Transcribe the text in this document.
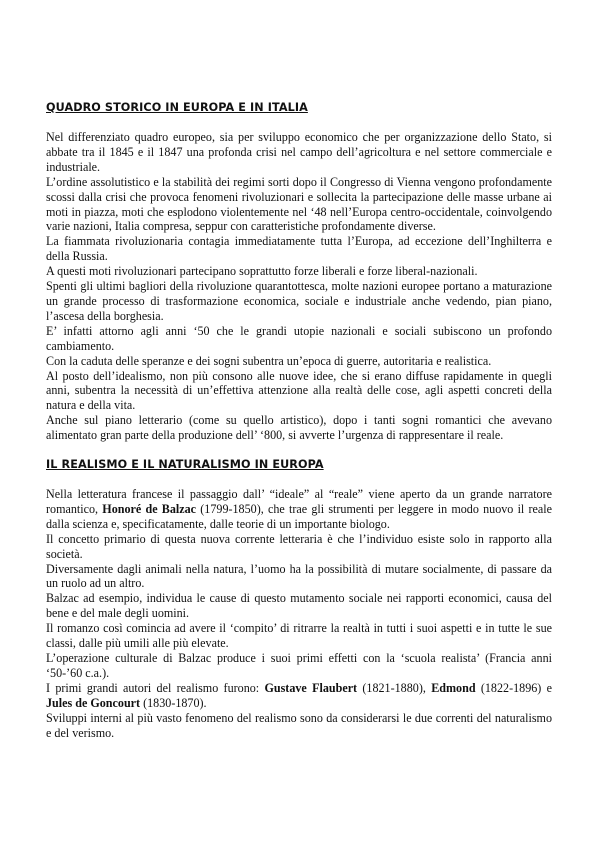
QUADRO STORICO IN EUROPA E IN ITALIA

Nel differenziato quadro europeo, sia per sviluppo economico che per organizzazione dello Stato, si abbate tra il 1845 e il 1847 una profonda crisi nel campo dell’agricoltura e nel settore commerciale e industriale.

L’ordine assolutistico e la stabilità dei regimi sorti dopo il Congresso di Vienna vengono profondamente scossi dalla crisi che provoca fenomeni rivoluzionari e sollecita la partecipazione delle masse urbane ai moti in piazza, moti che esplodono violentemente nel ‘48 nell’Europa centro-occidentale, coinvolgendo varie nazioni, Italia compresa, seppur con caratteristiche profondamente diverse.

La fiammata rivoluzionaria contagia immediatamente tutta l’Europa, ad eccezione dell’Inghilterra e della Russia.

A questi moti rivoluzionari partecipano soprattutto forze liberali e forze liberal-nazionali.

Spenti gli ultimi bagliori della rivoluzione quarantottesca, molte nazioni europee portano a maturazione un grande processo di trasformazione economica, sociale e industriale anche vedendo, pian piano, l’ascesa della borghesia.

E’ infatti attorno agli anni ‘50 che le grandi utopie nazionali e sociali subiscono un profondo cambiamento.

Con la caduta delle speranze e dei sogni subentra un’epoca di guerre, autoritaria e realistica.

Al posto dell’idealismo, non più consono alle nuove idee, che si erano diffuse rapidamente in quegli anni, subentra la necessità di un’effettiva attenzione alla realtà delle cose, agli aspetti concreti della natura e della vita.

Anche sul piano letterario (come su quello artistico), dopo i tanti sogni romantici che avevano alimentato gran parte della produzione dell’ ‘800, si avverte l’urgenza di rappresentare il reale.

IL REALISMO E IL NATURALISMO IN EUROPA

Nella letteratura francese il passaggio dall’ “ideale” al “reale” viene aperto da un grande narratore romantico, Honoré de Balzac (1799-1850), che trae gli strumenti per leggere in modo nuovo il reale dalla scienza e, specificatamente, dalle teorie di un importante biologo.

Il concetto primario di questa nuova corrente letteraria è che l’individuo esiste solo in rapporto alla società.

Diversamente dagli animali nella natura, l’uomo ha la possibilità di mutare socialmente, di passare da un ruolo ad un altro.

Balzac ad esempio, individua le cause di questo mutamento sociale nei rapporti economici, causa del bene e del male degli uomini.

Il romanzo così comincia ad avere il ‘compito’ di ritrarre la realtà in tutti i suoi aspetti e in tutte le sue classi, dalle più umili alle più elevate.

L’operazione culturale di Balzac produce i suoi primi effetti con la ‘scuola realista’ (Francia anni ‘50-’60 c.a.).

I primi grandi autori del realismo furono: Gustave Flaubert (1821-1880), Edmond (1822-1896) e Jules de Goncourt (1830-1870).

Sviluppi interni al più vasto fenomeno del realismo sono da considerarsi le due correnti del naturalismo e del verismo.
